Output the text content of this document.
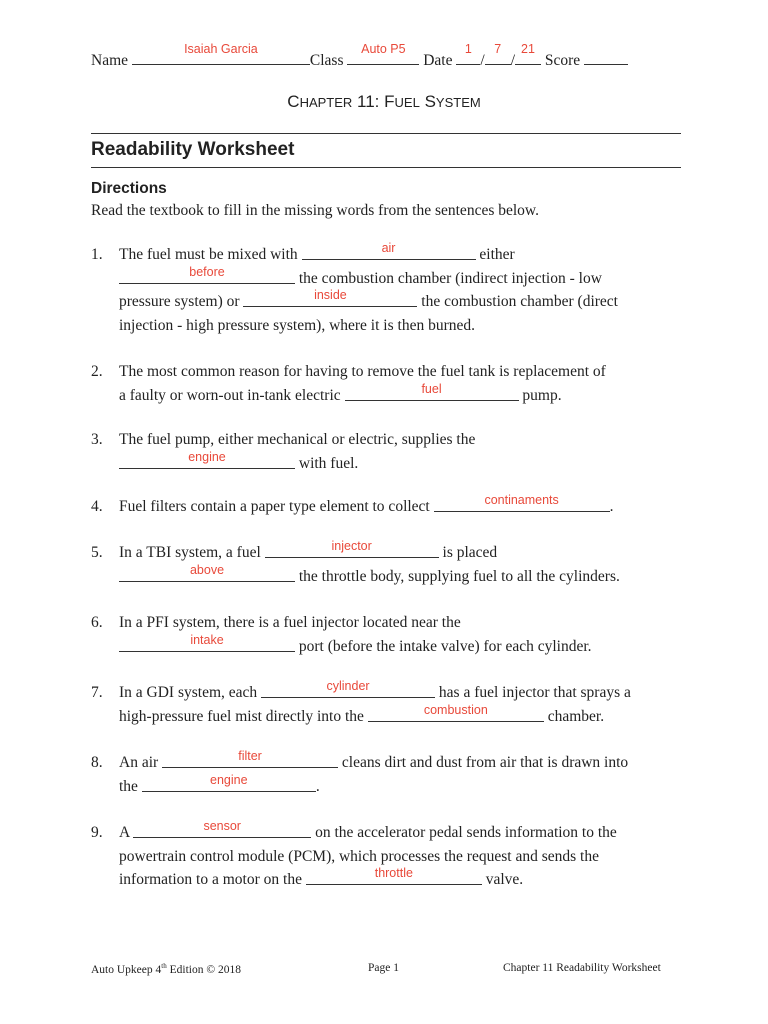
Name
Isaiah Garcia
Class
Auto P5
Date
1
/
7
/
21
Score
CHAPTER 11: FUEL SYSTEM
Readability Worksheet
Directions
Read the textbook to fill in the missing words from the sentences below.
1. The fuel must be mixed with	air	either
before	the combustion chamber (indirect injection - low
pressure system) or	inside	the combustion chamber (direct
injection - high pressure system), where it is then burned.
2. The most common reason for having to remove the fuel tank is replacement of
a faulty or worn-out in-tank electric	fuel	pump.
3. The fuel pump, either mechanical or electric, supplies the
engine	with fuel.
4. Fuel filters contain a paper type element to collect	continaments	.
5. In a TBI system, a fuel	injector	is placed
above	the throttle body, supplying fuel to all the cylinders.
6. In a PFI system, there is a fuel injector located near the
intake	port (before the intake valve) for each cylinder.
7. In a GDI system, each	cylinder	has a fuel injector that sprays a
high-pressure fuel mist directly into the	combustion	chamber.
8. An air	filter	cleans dirt and dust from air that is drawn into
the	engine	.
9. A	sensor	on the accelerator pedal sends information to the
powertrain control module (PCM), which processes the request and sends the
information to a motor on the	throttle	valve.
Auto Upkeep 4th Edition © 2018	Page 1	Chapter 11 Readability Worksheet
